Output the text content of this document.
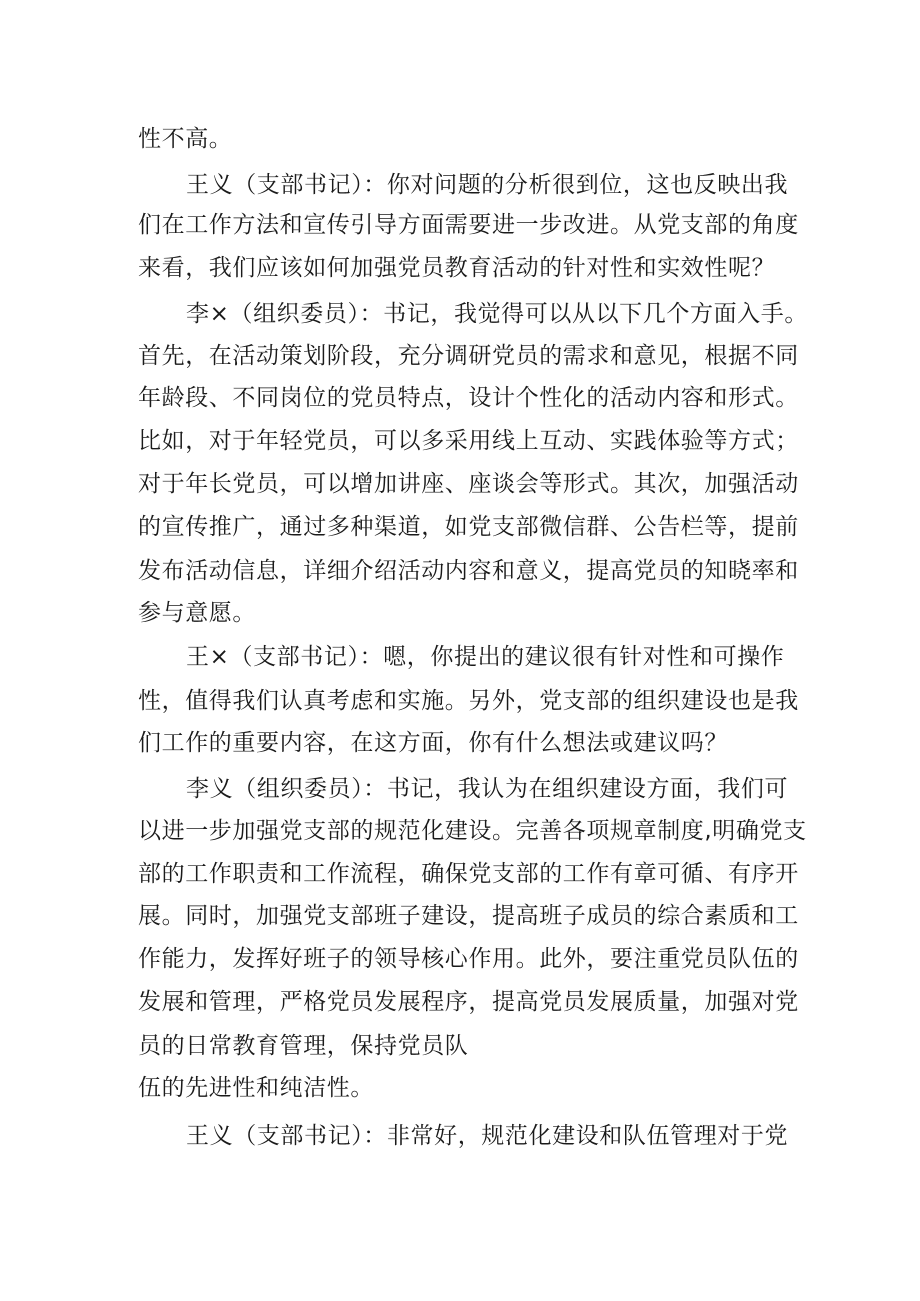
性不高。
王义（支部书记）：你对问题的分析很到位，这也反映出我
们在工作方法和宣传引导方面需要进一步改进。从党支部的角度
来看，我们应该如何加强党员教育活动的针对性和实效性呢？
李×（组织委员）：书记，我觉得可以从以下几个方面入手。
首先，在活动策划阶段，充分调研党员的需求和意见，根据不同
年龄段、不同岗位的党员特点，设计个性化的活动内容和形式。
比如，对于年轻党员，可以多采用线上互动、实践体验等方式；
对于年长党员，可以增加讲座、座谈会等形式。其次，加强活动
的宣传推广，通过多种渠道，如党支部微信群、公告栏等，提前
发布活动信息，详细介绍活动内容和意义，提高党员的知晓率和
参与意愿。
王×（支部书记）：嗯，你提出的建议很有针对性和可操作
性，值得我们认真考虑和实施。另外，党支部的组织建设也是我
们工作的重要内容，在这方面，你有什么想法或建议吗？
李义（组织委员）：书记，我认为在组织建设方面，我们可
以进一步加强党支部的规范化建设。完善各项规章制度,明确党支
部的工作职责和工作流程，确保党支部的工作有章可循、有序开
展。同时，加强党支部班子建设，提高班子成员的综合素质和工
作能力，发挥好班子的领导核心作用。此外，要注重党员队伍的
发展和管理，严格党员发展程序，提高党员发展质量，加强对党
员的日常教育管理，保持党员队
伍的先进性和纯洁性。
王义（支部书记）：非常好，规范化建设和队伍管理对于党
